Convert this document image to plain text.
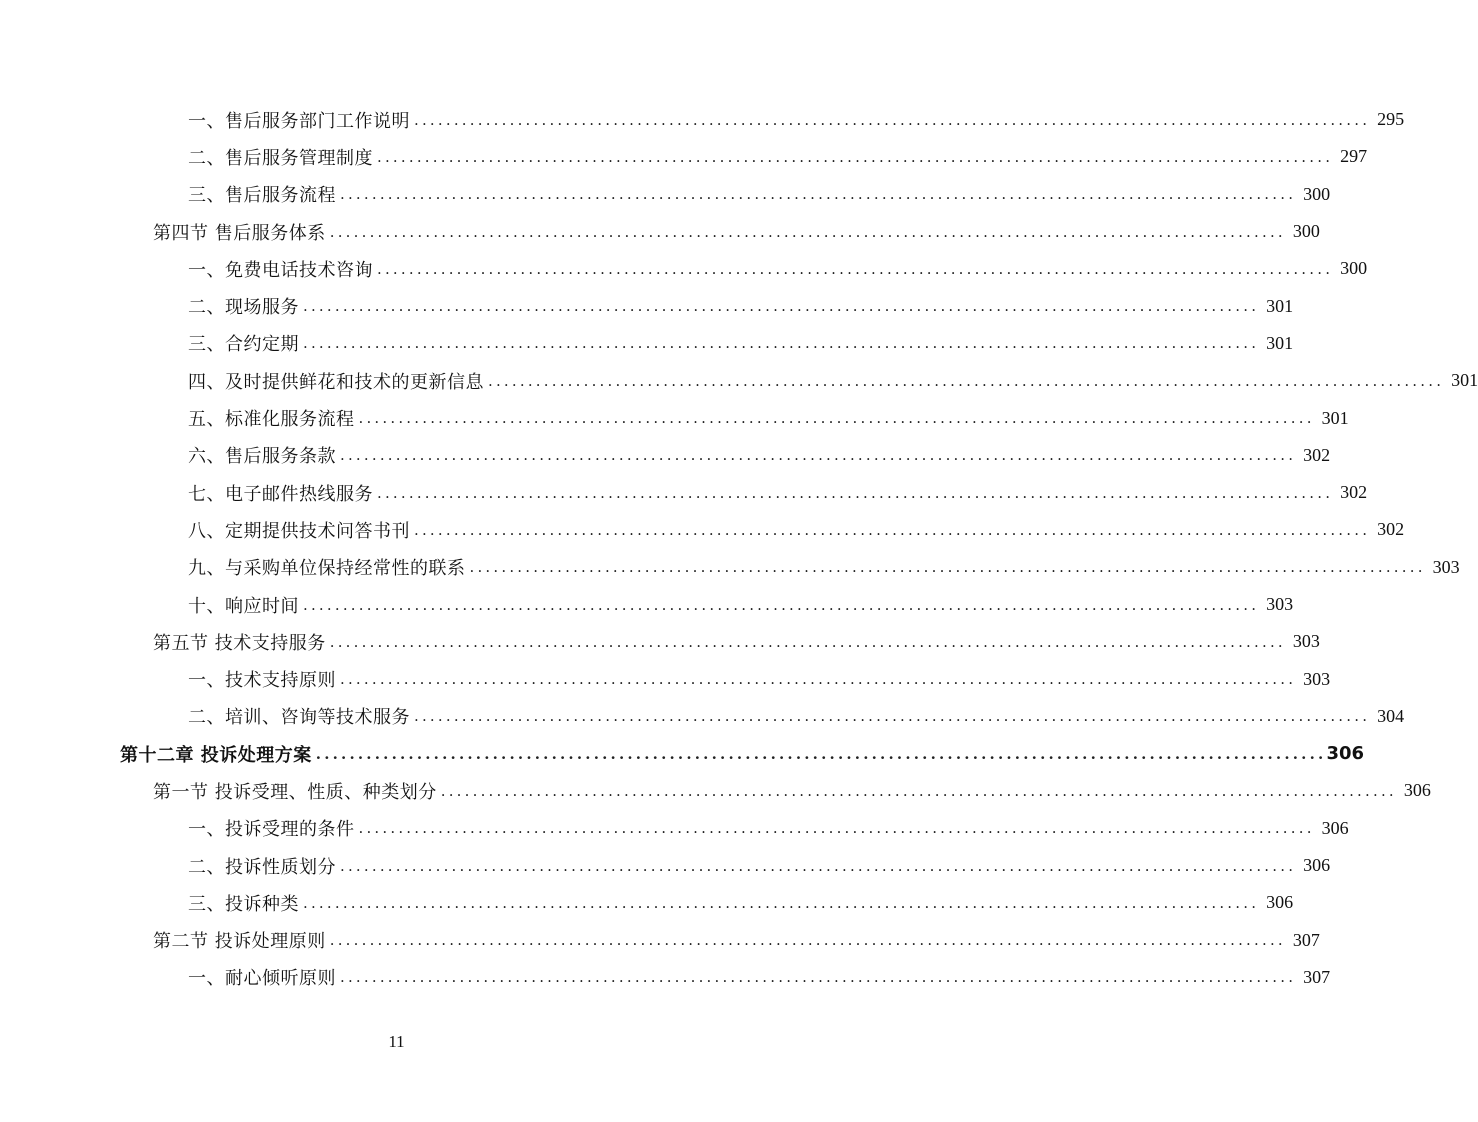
一、售后服务部门工作说明 ........................................................................................................................ 295
二、售后服务管理制度 ........................................................................................................................ 297
三、售后服务流程 ........................................................................................................................ 300
第四节 售后服务体系 ........................................................................................................................ 300
一、免费电话技术咨询 ........................................................................................................................ 300
二、现场服务 ........................................................................................................................ 301
三、合约定期 ........................................................................................................................ 301
四、及时提供鲜花和技术的更新信息 ........................................................................................................................ 301
五、标准化服务流程 ........................................................................................................................ 301
六、售后服务条款 ........................................................................................................................ 302
七、电子邮件热线服务 ........................................................................................................................ 302
八、定期提供技术问答书刊 ........................................................................................................................ 302
九、与采购单位保持经常性的联系 ........................................................................................................................ 303
十、响应时间 ........................................................................................................................ 303
第五节 技术支持服务 ........................................................................................................................ 303
一、技术支持原则 ........................................................................................................................ 303
二、培训、咨询等技术服务 ........................................................................................................................ 304
第十二章 投诉处理方案 ........................................................................................................................ 306
第一节 投诉受理、性质、种类划分 ........................................................................................................................ 306
一、投诉受理的条件 ........................................................................................................................ 306
二、投诉性质划分 ........................................................................................................................ 306
三、投诉种类 ........................................................................................................................ 306
第二节 投诉处理原则 ........................................................................................................................ 307
一、耐心倾听原则 ........................................................................................................................ 307
11
